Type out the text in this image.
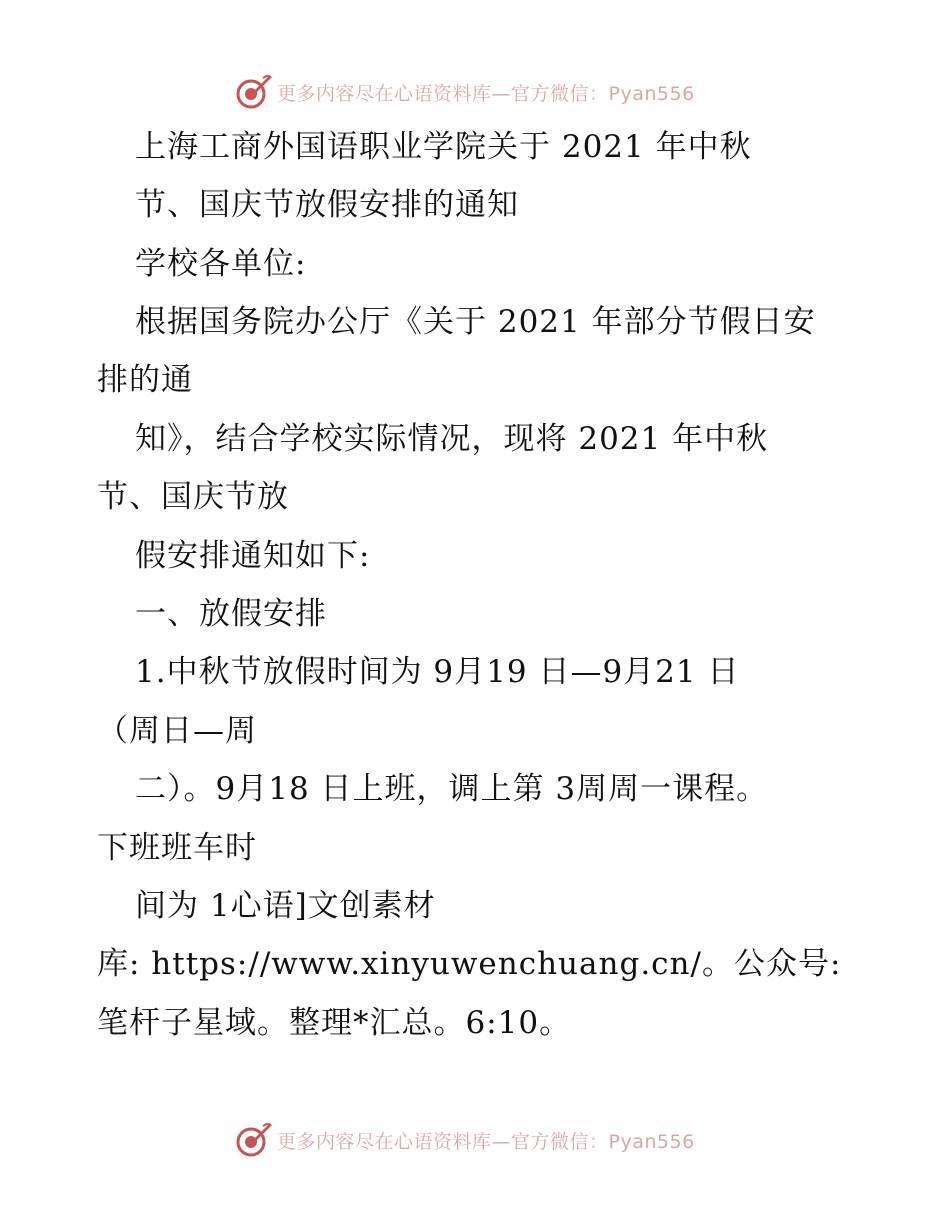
更多内容尽在心语资料库—官方微信：Pyan556
上海工商外国语职业学院关于 2021 年中秋
节、国庆节放假安排的通知
学校各单位:
根据国务院办公厅《关于 2021 年部分节假日安
排的通
知》，结合学校实际情况，现将 2021 年中秋
节、国庆节放
假安排通知如下:
一、放假安排
1.中秋节放假时间为 9月19 日—9月21 日
（周日—周
二）。9月18 日上班，调上第 3周周一课程。
下班班车时
间为 1心语]文创素材
库: https://www.xinyuwenchuang.cn/。公众号:
笔杆子星域。整理*汇总。6:10。
更多内容尽在心语资料库—官方微信：Pyan556
